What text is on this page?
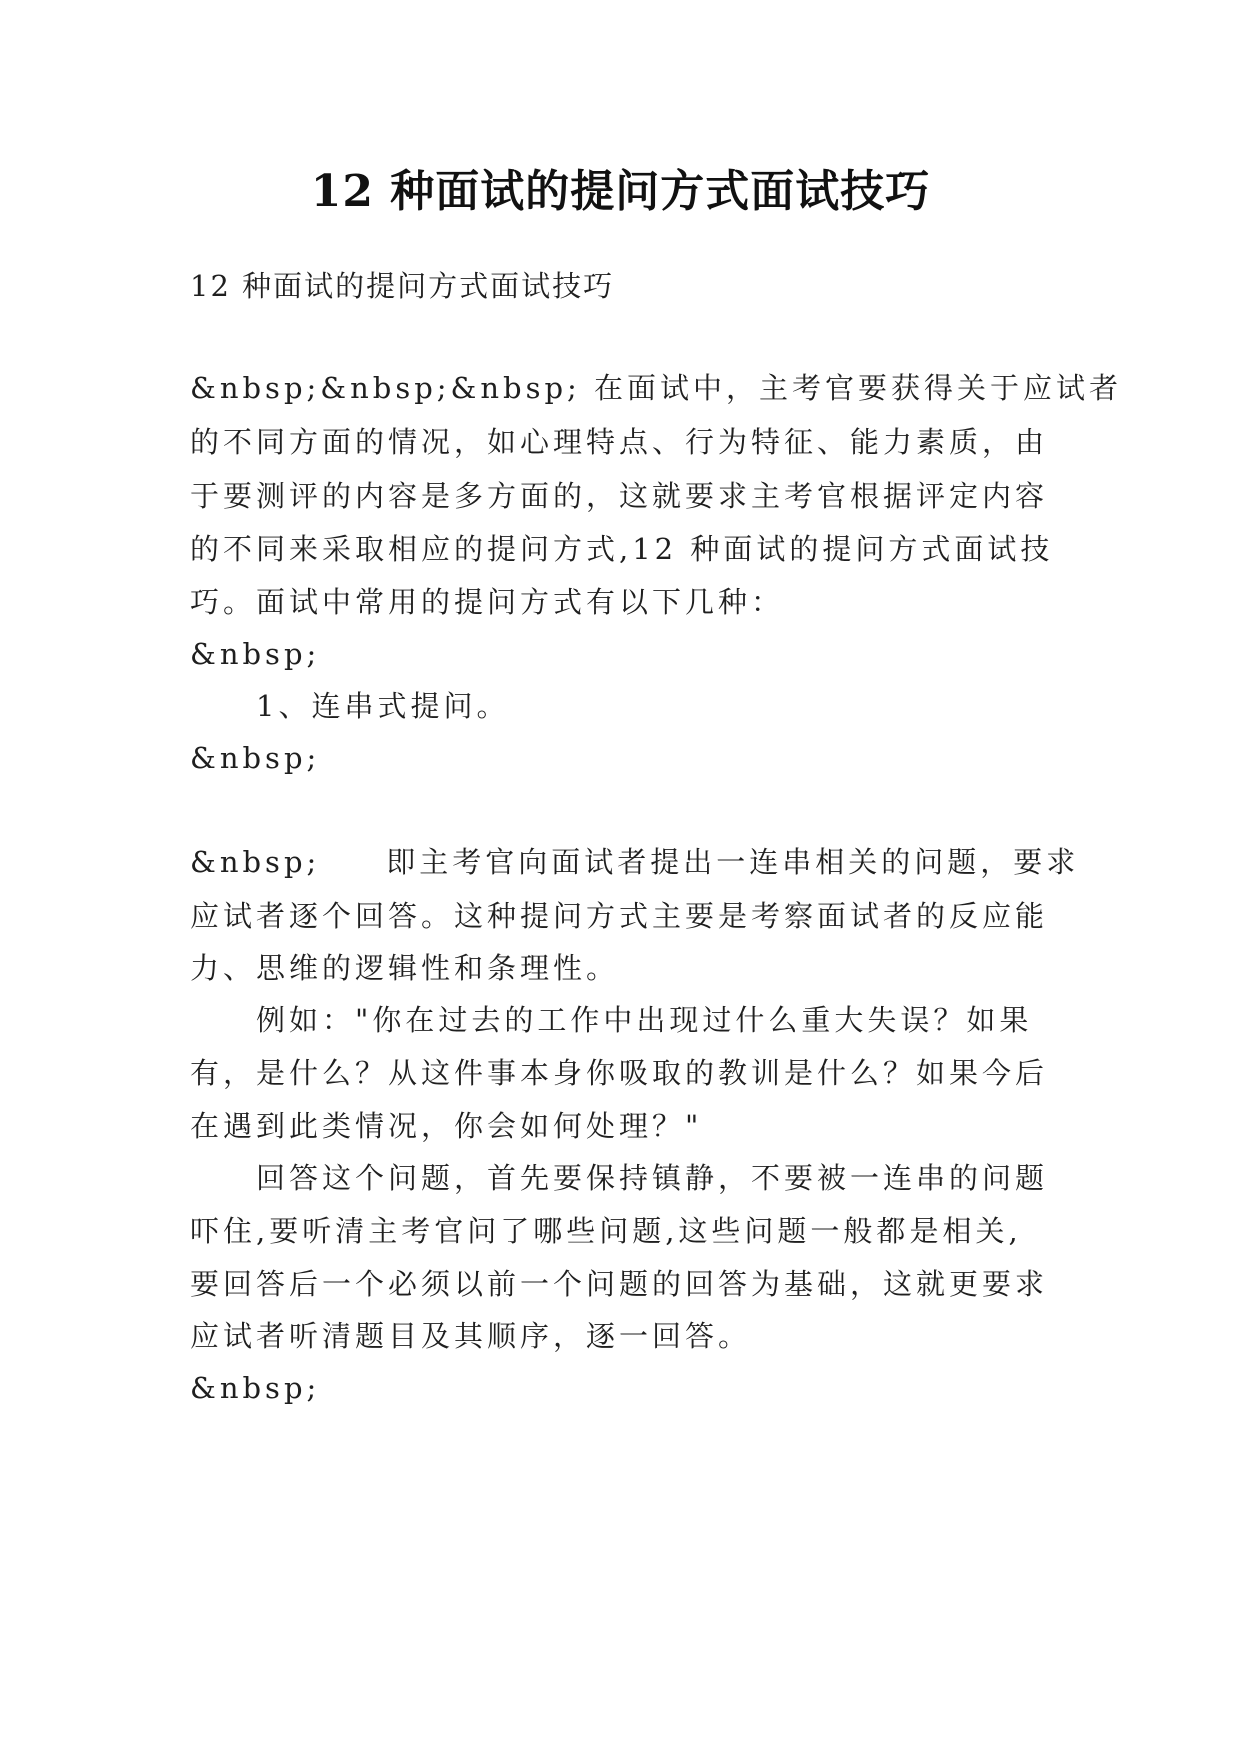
12 种面试的提问方式面试技巧
12 种面试的提问方式面试技巧
&nbsp;&nbsp;&nbsp; 在面试中，主考官要获得关于应试者
的不同方面的情况，如心理特点、行为特征、能力素质，由
于要测评的内容是多方面的，这就要求主考官根据评定内容
的不同来采取相应的提问方式,12 种面试的提问方式面试技
巧。面试中常用的提问方式有以下几种：
&nbsp;
1、连串式提问。
&nbsp;
&nbsp;　　即主考官向面试者提出一连串相关的问题，要求
应试者逐个回答。这种提问方式主要是考察面试者的反应能
力、思维的逻辑性和条理性。
例如："你在过去的工作中出现过什么重大失误？如果
有，是什么？从这件事本身你吸取的教训是什么？如果今后
在遇到此类情况，你会如何处理？"
回答这个问题，首先要保持镇静，不要被一连串的问题
吓住,要听清主考官问了哪些问题,这些问题一般都是相关,
要回答后一个必须以前一个问题的回答为基础，这就更要求
应试者听清题目及其顺序，逐一回答。
&nbsp;
